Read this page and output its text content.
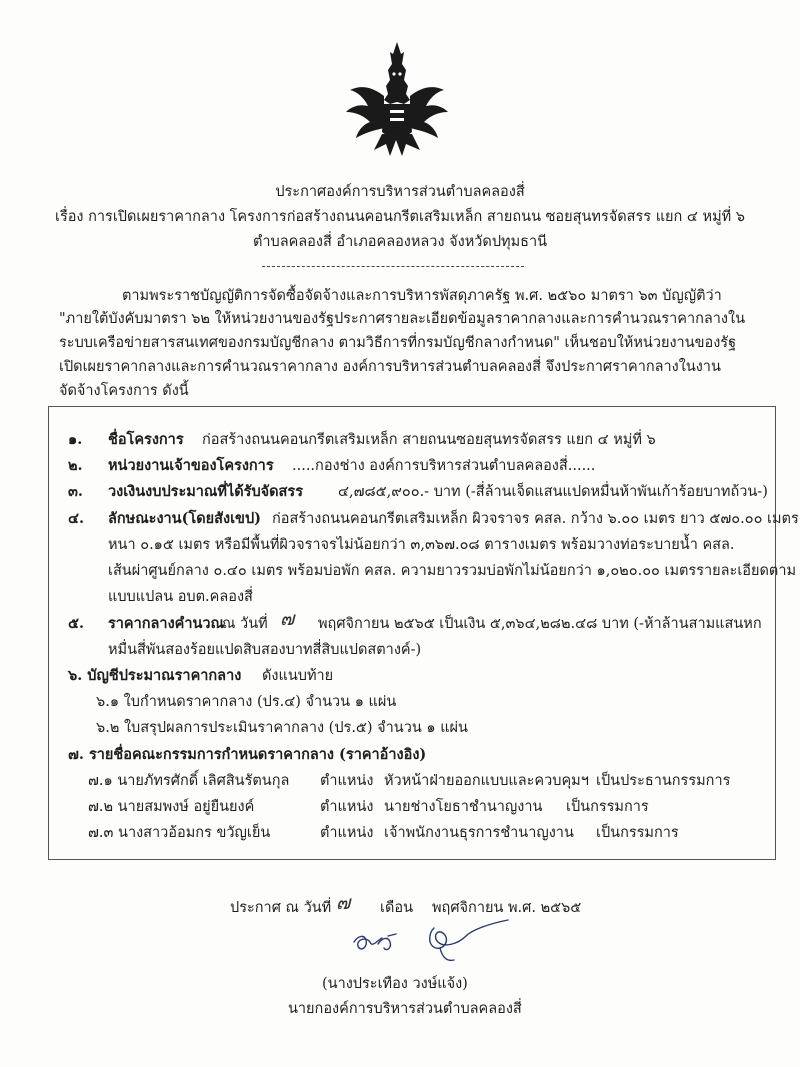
ประกาศองค์การบริหารส่วนตำบลคลองสี่
เรื่อง การเปิดเผยราคากลาง โครงการก่อสร้างถนนคอนกรีตเสริมเหล็ก สายถนน ซอยสุนทรจัดสรร แยก ๔ หมู่ที่ ๖
ตำบลคลองสี่ อำเภอคลองหลวง จังหวัดปทุมธานี
ตามพระราชบัญญัติการจัดซื้อจัดจ้างและการบริหารพัสดุภาครัฐ พ.ศ. ๒๕๖๐ มาตรา ๖๓ บัญญัติว่า
"ภายใต้บังคับมาตรา ๖๒ ให้หน่วยงานของรัฐประกาศรายละเอียดข้อมูลราคากลางและการคำนวณราคากลางใน
ระบบเครือข่ายสารสนเทศของกรมบัญชีกลาง ตามวิธีการที่กรมบัญชีกลางกำหนด" เห็นชอบให้หน่วยงานของรัฐ
เปิดเผยราคากลางและการคำนวณราคากลาง องค์การบริหารส่วนตำบลคลองสี่ จึงประกาศราคากลางในงาน
จัดจ้างโครงการ ดังนี้
๑. ชื่อโครงการ ก่อสร้างถนนคอนกรีตเสริมเหล็ก สายถนนซอยสุนทรจัดสรร แยก ๔ หมู่ที่ ๖
๒. หน่วยงานเจ้าของโครงการ .....กองช่าง องค์การบริหารส่วนตำบลคลองสี่......
๓. วงเงินงบประมาณที่ได้รับจัดสรร ๔,๗๘๕,๙๐๐.- บาท (-สี่ล้านเจ็ดแสนแปดหมื่นห้าพันเก้าร้อยบาทถ้วน-)
๔. ลักษณะงาน(โดยสังเขป) ก่อสร้างถนนคอนกรีตเสริมเหล็ก ผิวจราจร คสล. กว้าง ๖.๐๐ เมตร ยาว ๕๗๐.๐๐ เมตร
หนา ๐.๑๕ เมตร หรือมีพื้นที่ผิวจราจรไม่น้อยกว่า ๓,๓๖๗.๐๘ ตารางเมตร พร้อมวางท่อระบายน้ำ คสล.
เส้นผ่าศูนย์กลาง ๐.๔๐ เมตร พร้อมบ่อพัก คสล. ความยาวรวมบ่อพักไม่น้อยกว่า ๑,๐๒๐.๐๐ เมตรรายละเอียดตาม
แบบแปลน อบต.คลองสี่
๕. ราคากลางคำนวณ
ณ วันที่ ๗ พฤศจิกายน ๒๕๖๕ เป็นเงิน ๕,๓๖๔,๒๘๒.๔๘ บาท (-ห้าล้านสามแสนหก
หมื่นสี่พันสองร้อยแปดสิบสองบาทสี่สิบแปดสตางค์-)
๖. บัญชีประมาณราคากลาง ดังแนบท้าย
๖.๑ ใบกำหนดราคากลาง (ปร.๔) จำนวน ๑ แผ่น
๖.๒ ใบสรุปผลการประเมินราคากลาง (ปร.๕) จำนวน ๑ แผ่น
๗. รายชื่อคณะกรรมการกำหนดราคากลาง (ราคาอ้างอิง)
๗.๑ นายภัทรศักดิ์ เลิศสินรัตนกุล ตำแหน่ง หัวหน้าฝ่ายออกแบบและควบคุมฯ เป็นประธานกรรมการ
๗.๒ นายสมพงษ์ อยู่ยืนยงค์	ตำแหน่ง นายช่างโยธาชำนาญงาน เป็นกรรมการ
๗.๓ นางสาวอ้อมกร ขวัญเย็น	ตำแหน่ง เจ้าพนักงานธุรการชำนาญงาน เป็นกรรมการ
ประกาศ ณ วันที่ ๗ เดือน พฤศจิกายน พ.ศ. ๒๕๖๕
(นางประเทือง วงษ์แจ้ง)
นายกองค์การบริหารส่วนตำบลคลองสี่
